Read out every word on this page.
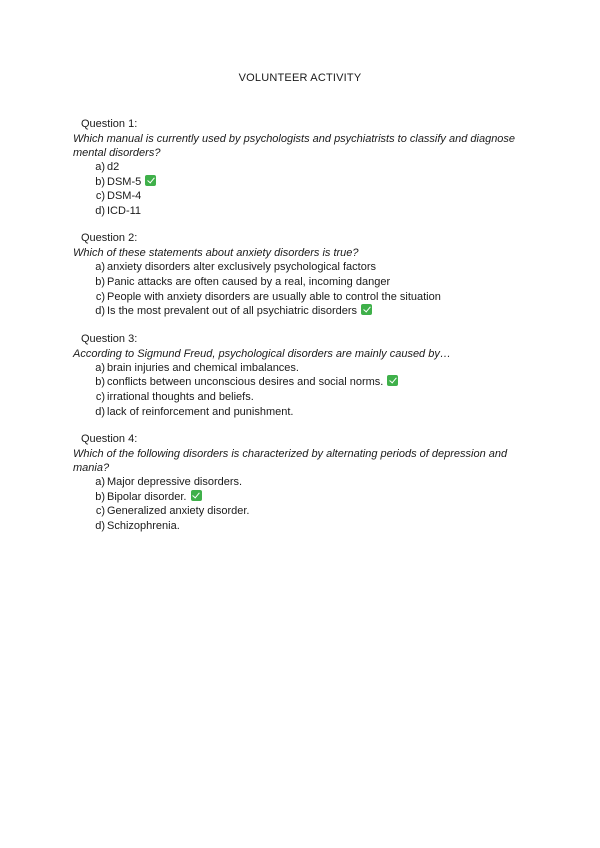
VOLUNTEER ACTIVITY
Question 1:
Which manual is currently used by psychologists and psychiatrists to classify and diagnose mental disorders?
a) d2
b) DSM-5
c) DSM-4
d) ICD-11
Question 2:
Which of these statements about anxiety disorders is true?
a) anxiety disorders alter exclusively psychological factors
b) Panic attacks are often caused by a real, incoming danger
c) People with anxiety disorders are usually able to control the situation
d) Is the most prevalent out of all psychiatric disorders
Question 3:
According to Sigmund Freud, psychological disorders are mainly caused by…
a) brain injuries and chemical imbalances.
b) conflicts between unconscious desires and social norms.
c) irrational thoughts and beliefs.
d) lack of reinforcement and punishment.
Question 4:
Which of the following disorders is characterized by alternating periods of depression and mania?
a) Major depressive disorders.
b) Bipolar disorder.
c) Generalized anxiety disorder.
d) Schizophrenia.
